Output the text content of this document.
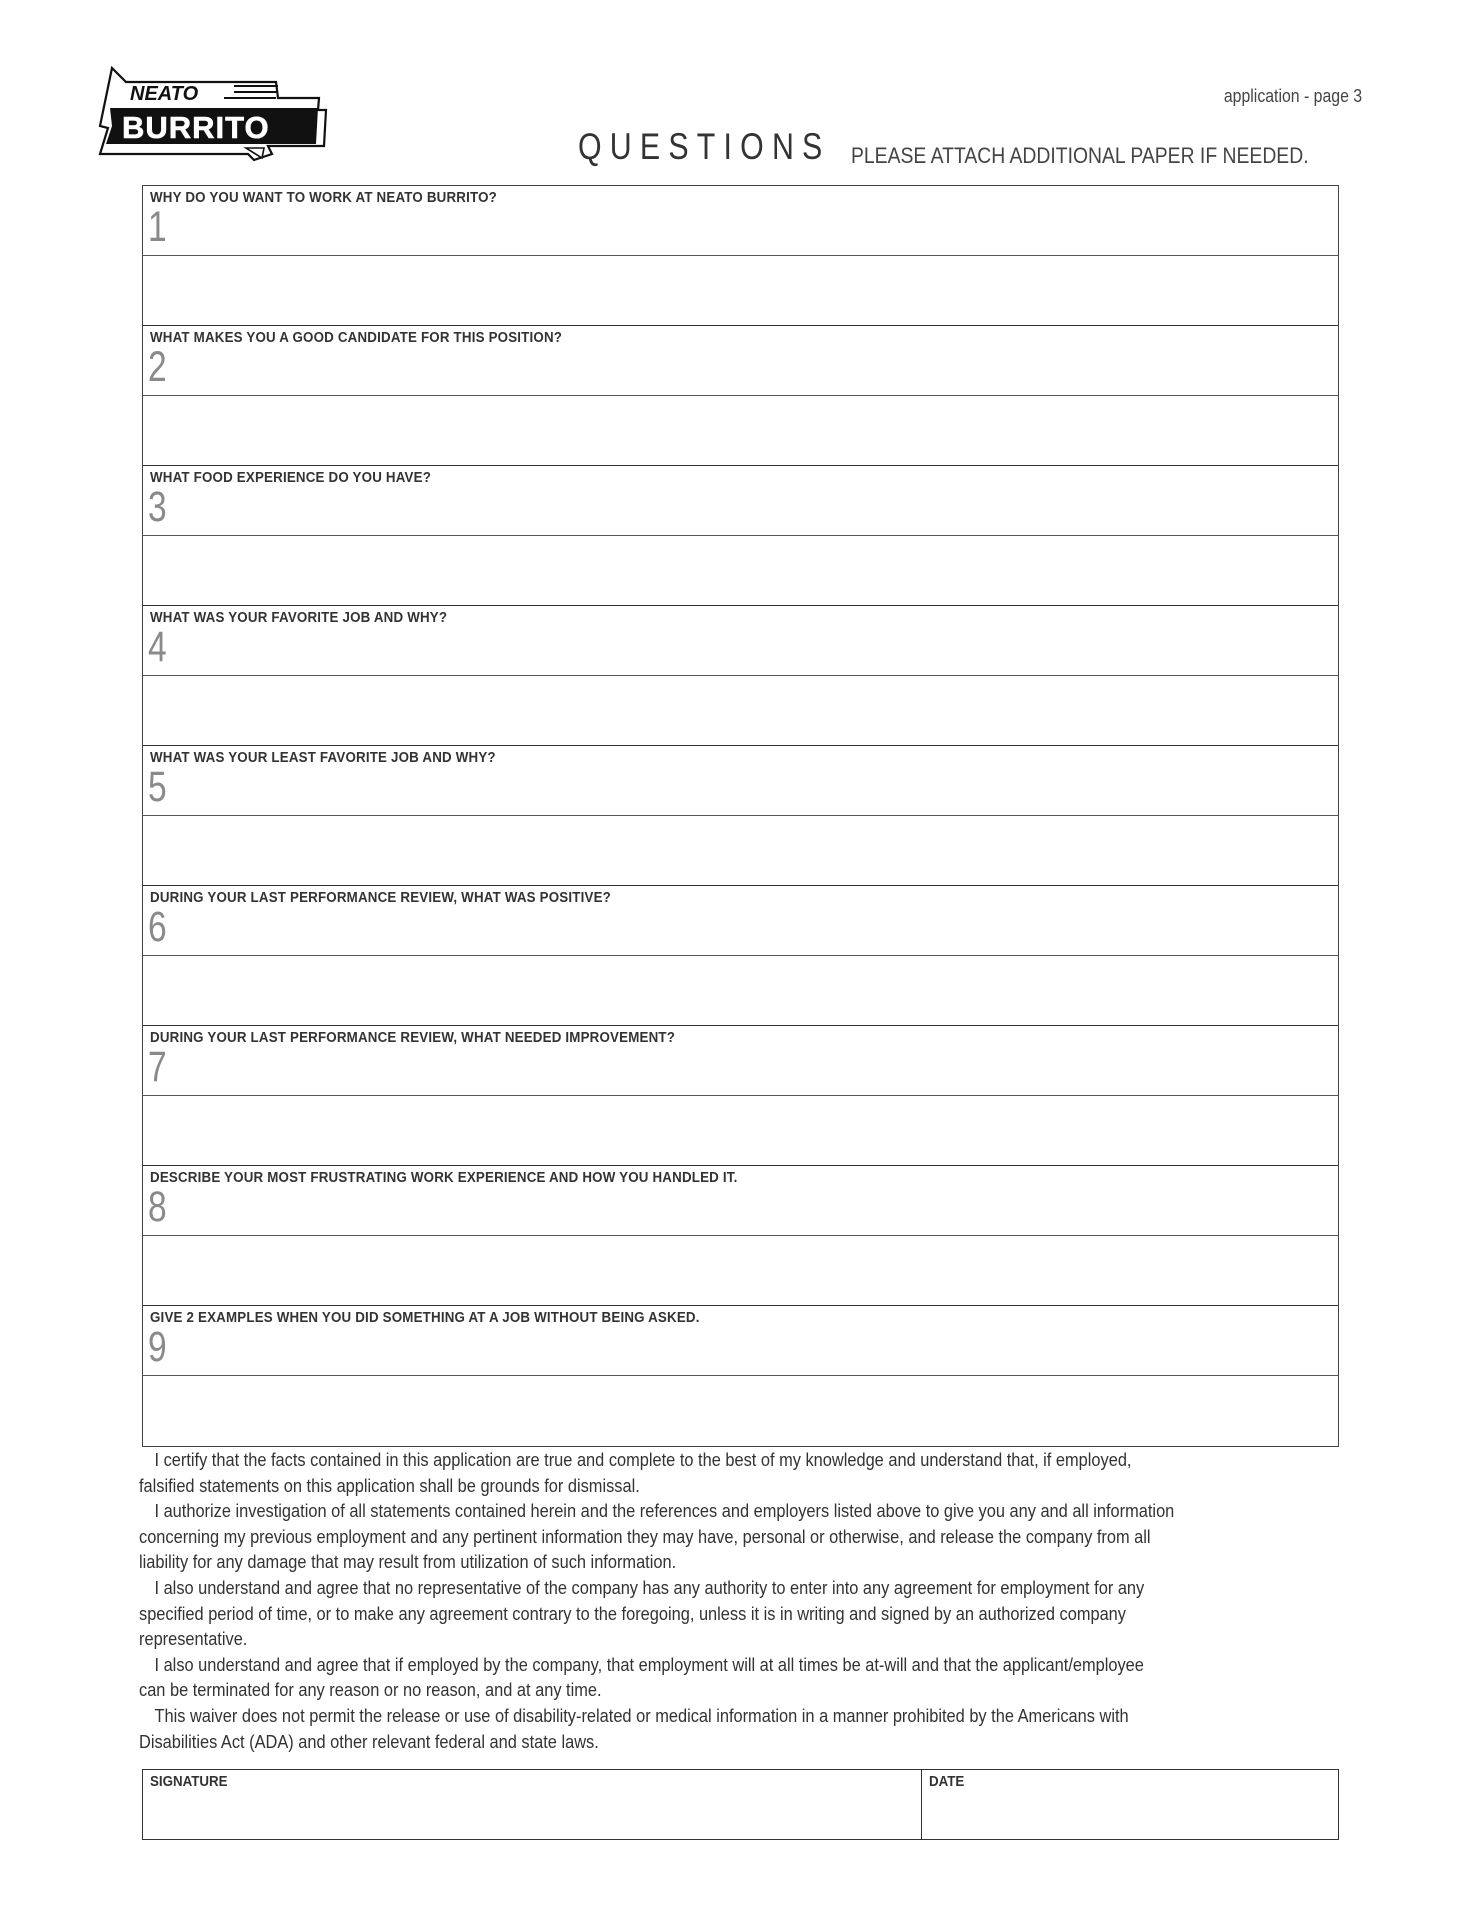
NEATO
BURRITO
application - page 3
QUESTIONS PLEASE ATTACH ADDITIONAL PAPER IF NEEDED.
WHY DO YOU WANT TO WORK AT NEATO BURRITO?
1
WHAT MAKES YOU A GOOD CANDIDATE FOR THIS POSITION?
2
WHAT FOOD EXPERIENCE DO YOU HAVE?
3
WHAT WAS YOUR FAVORITE JOB AND WHY?
4
WHAT WAS YOUR LEAST FAVORITE JOB AND WHY?
5
DURING YOUR LAST PERFORMANCE REVIEW, WHAT WAS POSITIVE?
6
DURING YOUR LAST PERFORMANCE REVIEW, WHAT NEEDED IMPROVEMENT?
7
DESCRIBE YOUR MOST FRUSTRATING WORK EXPERIENCE AND HOW YOU HANDLED IT.
8
GIVE 2 EXAMPLES WHEN YOU DID SOMETHING AT A JOB WITHOUT BEING ASKED.
9

I certify that the facts contained in this application are true and complete to the best of my knowledge and understand that, if employed,
falsified statements on this application shall be grounds for dismissal.

I authorize investigation of all statements contained herein and the references and employers listed above to give you any and all information
concerning my previous employment and any pertinent information they may have, personal or otherwise, and release the company from all
liability for any damage that may result from utilization of such information.

I also understand and agree that no representative of the company has any authority to enter into any agreement for employment for any
specified period of time, or to make any agreement contrary to the foregoing, unless it is in writing and signed by an authorized company
representative.

I also understand and agree that if employed by the company, that employment will at all times be at-will and that the applicant/employee
can be terminated for any reason or no reason, and at any time.

This waiver does not permit the release or use of disability-related or medical information in a manner prohibited by the Americans with
Disabilities Act (ADA) and other relevant federal and state laws.

SIGNATURE	DATE
